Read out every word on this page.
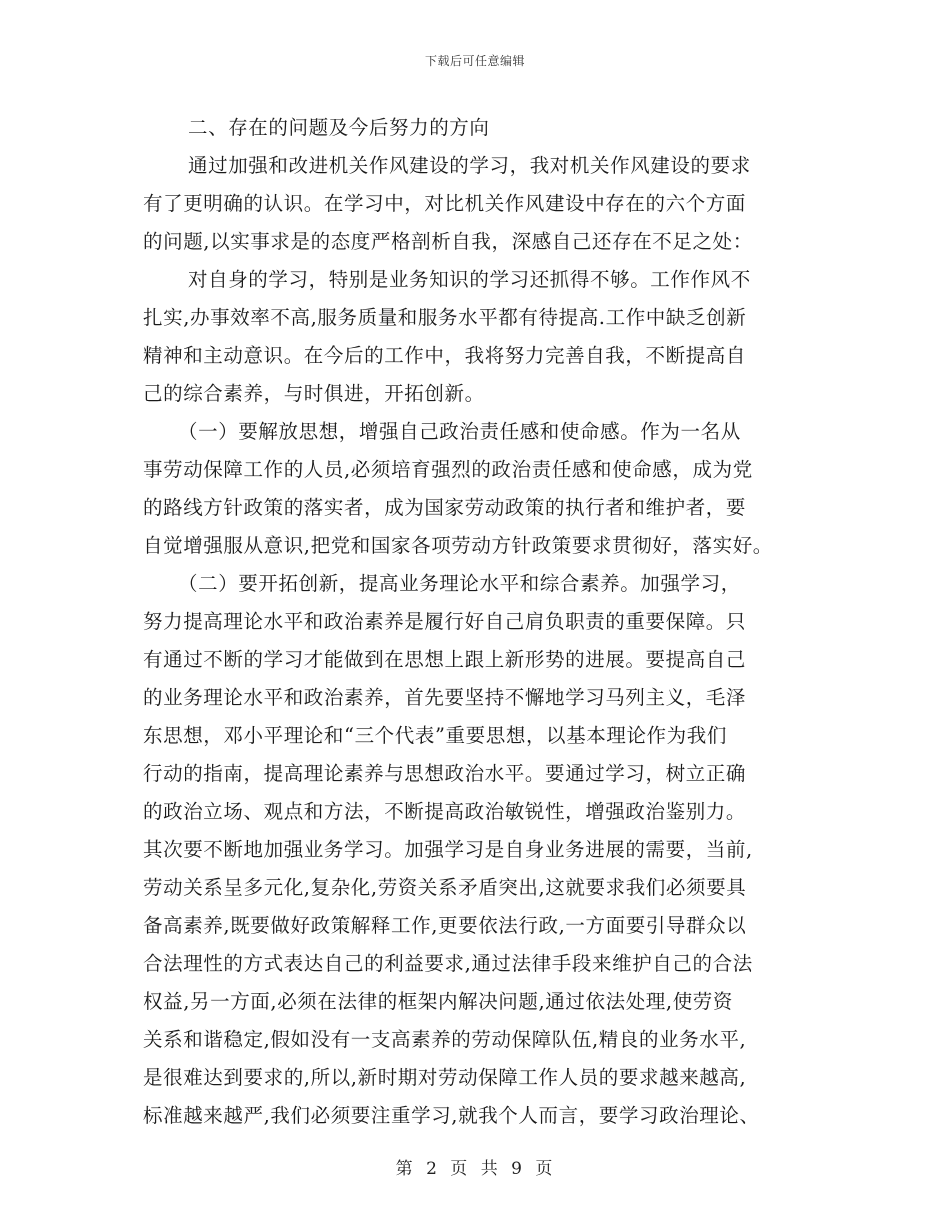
下载后可任意编辑
二、存在的问题及今后努力的方向
通过加强和改进机关作风建设的学习，我对机关作风建设的要求
有了更明确的认识。在学习中，对比机关作风建设中存在的六个方面
的问题,以实事求是的态度严格剖析自我，深感自己还存在不足之处：
对自身的学习，特别是业务知识的学习还抓得不够。工作作风不
扎实,办事效率不高,服务质量和服务水平都有待提高.工作中缺乏创新
精神和主动意识。在今后的工作中，我将努力完善自我，不断提高自
己的综合素养，与时俱进，开拓创新。
（一）要解放思想，增强自己政治责任感和使命感。作为一名从
事劳动保障工作的人员,必须培育强烈的政治责任感和使命感，成为党
的路线方针政策的落实者，成为国家劳动政策的执行者和维护者，要
自觉增强服从意识,把党和国家各项劳动方针政策要求贯彻好，落实好。
（二）要开拓创新，提高业务理论水平和综合素养。加强学习，
努力提高理论水平和政治素养是履行好自己肩负职责的重要保障。只
有通过不断的学习才能做到在思想上跟上新形势的进展。要提高自己
的业务理论水平和政治素养，首先要坚持不懈地学习马列主义，毛泽
东思想，邓小平理论和“三个代表”重要思想，以基本理论作为我们
行动的指南，提高理论素养与思想政治水平。要通过学习，树立正确
的政治立场、观点和方法，不断提高政治敏锐性，增强政治鉴别力。
其次要不断地加强业务学习。加强学习是自身业务进展的需要，当前,
劳动关系呈多元化,复杂化,劳资关系矛盾突出,这就要求我们必须要具
备高素养,既要做好政策解释工作,更要依法行政,一方面要引导群众以
合法理性的方式表达自己的利益要求,通过法律手段来维护自己的合法
权益,另一方面,必须在法律的框架内解决问题,通过依法处理,使劳资
关系和谐稳定,假如没有一支高素养的劳动保障队伍,精良的业务水平,
是很难达到要求的,所以,新时期对劳动保障工作人员的要求越来越高,
标准越来越严,我们必须要注重学习,就我个人而言，要学习政治理论、
第 2 页 共 9 页
